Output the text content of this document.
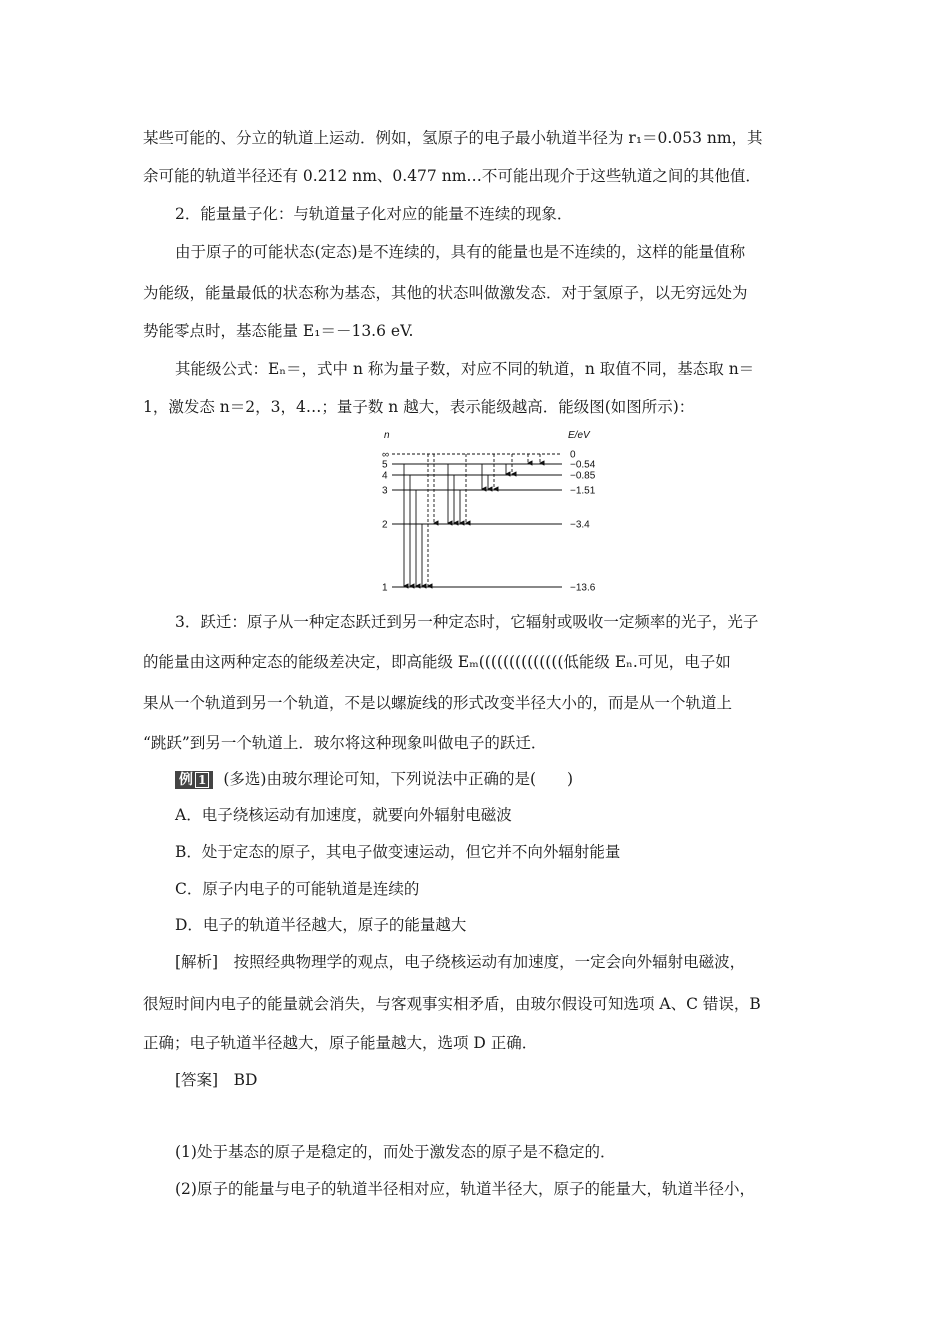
某些可能的、分立的轨道上运动．例如，氢原子的电子最小轨道半径为 r₁＝0.053 nm，其
余可能的轨道半径还有 0.212 nm、0.477 nm…不可能出现介于这些轨道之间的其他值．
2．能量量子化：与轨道量子化对应的能量不连续的现象．
由于原子的可能状态(定态)是不连续的，具有的能量也是不连续的，这样的能量值称
为能级，能量最低的状态称为基态，其他的状态叫做激发态．对于氢原子，以无穷远处为
势能零点时，基态能量 E₁＝－13.6 eV.
其能级公式：Eₙ＝，式中 n 称为量子数，对应不同的轨道，n 取值不同，基态取 n＝
1，激发态 n＝2，3，4…；量子数 n 越大，表示能级越高．能级图(如图所示)：
n	E/eV
∞	0
5	−0.54
4	−0.85
3	−1.51
2	−3.4
1	−13.6
3．跃迁：原子从一种定态跃迁到另一种定态时，它辐射或吸收一定频率的光子，光子
的能量由这两种定态的能级差决定，即高能级 Eₘ((((((((((((((低能级 Eₙ.可见，电子如
果从一个轨道到另一个轨道，不是以螺旋线的形式改变半径大小的，而是从一个轨道上
“跳跃”到另一个轨道上．玻尔将这种现象叫做电子的跃迁．
例 1 (多选)由玻尔理论可知，下列说法中正确的是(　　)
A．电子绕核运动有加速度，就要向外辐射电磁波
B．处于定态的原子，其电子做变速运动，但它并不向外辐射能量
C．原子内电子的可能轨道是连续的
D．电子的轨道半径越大，原子的能量越大
[解析]　按照经典物理学的观点，电子绕核运动有加速度，一定会向外辐射电磁波，
很短时间内电子的能量就会消失，与客观事实相矛盾，由玻尔假设可知选项 A、C 错误，B
正确；电子轨道半径越大，原子能量越大，选项 D 正确．
[答案]　BD
(1)处于基态的原子是稳定的，而处于激发态的原子是不稳定的．
(2)原子的能量与电子的轨道半径相对应，轨道半径大，原子的能量大，轨道半径小，
